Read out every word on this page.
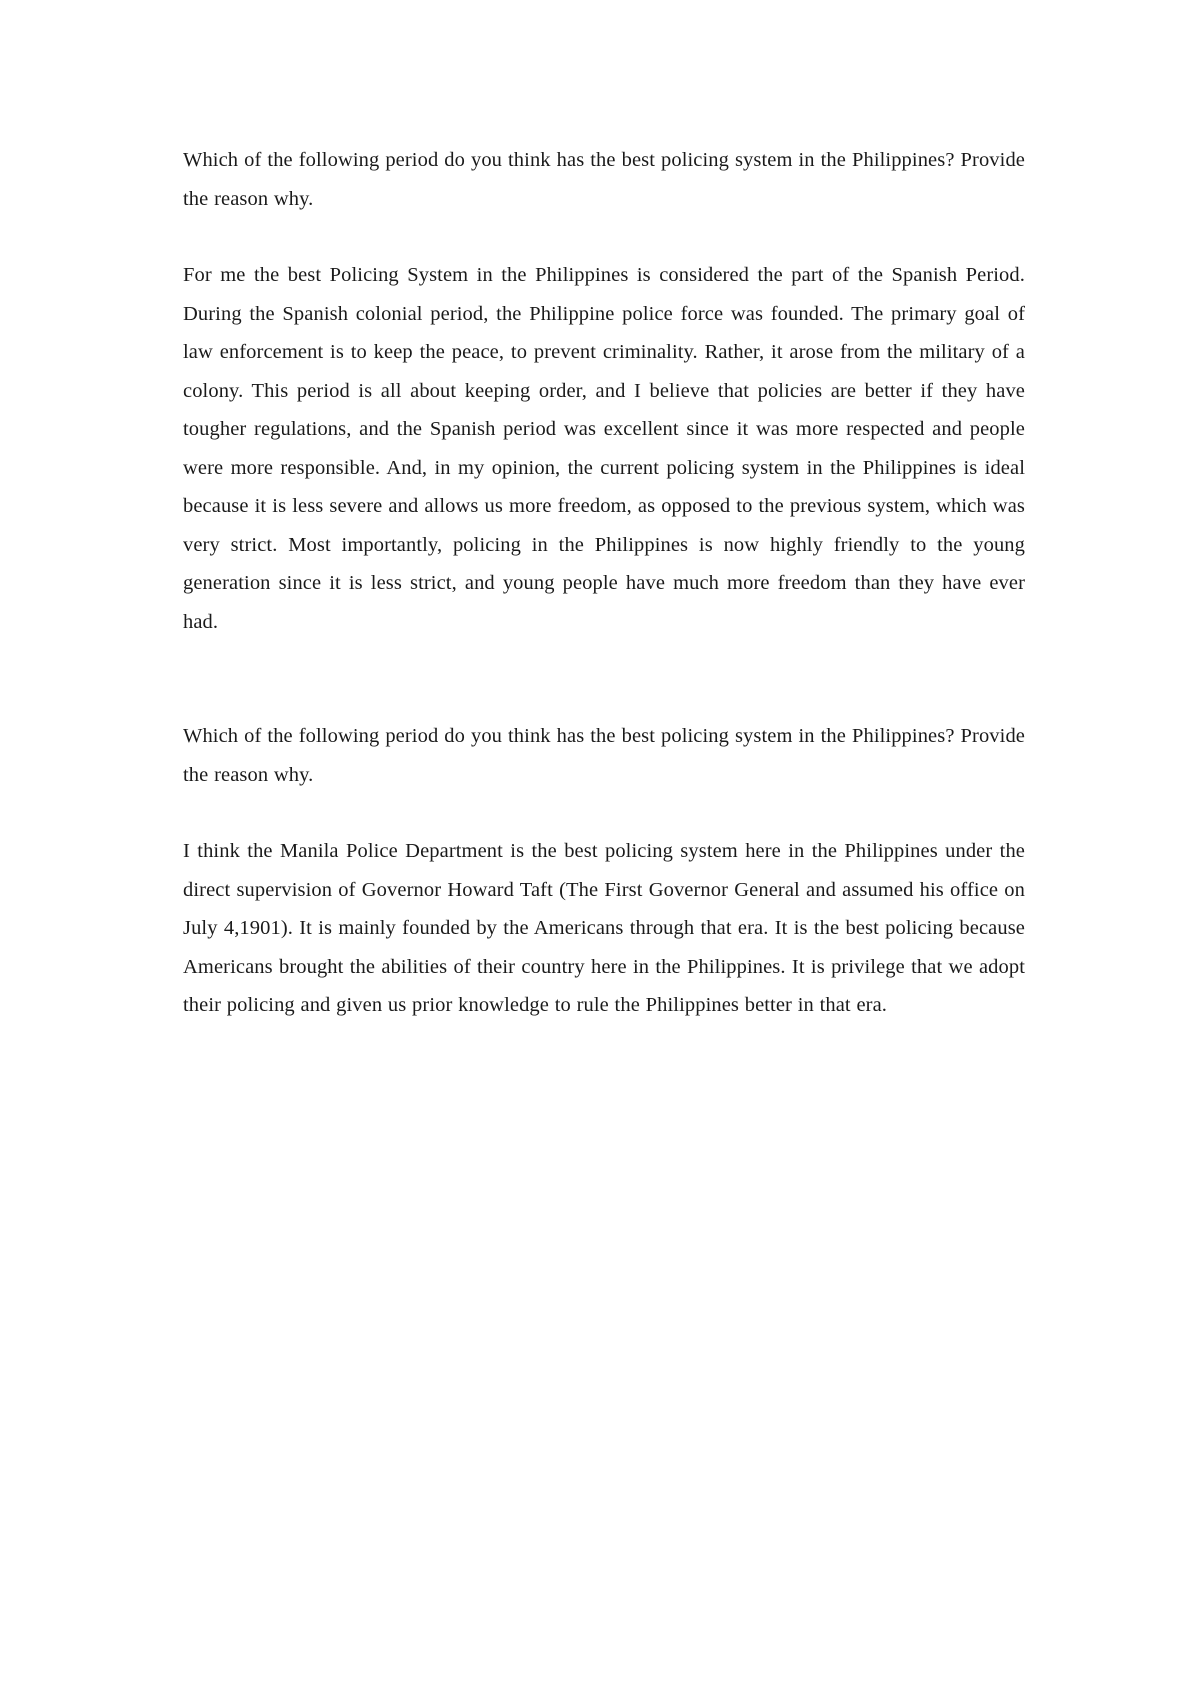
Which of the following period do you think has the best policing system in the Philippines? Provide the reason why.

For me the best Policing System in the Philippines is considered the part of the Spanish Period. During the Spanish colonial period, the Philippine police force was founded. The primary goal of law enforcement is to keep the peace, to prevent criminality. Rather, it arose from the military of a colony. This period is all about keeping order, and I believe that policies are better if they have tougher regulations, and the Spanish period was excellent since it was more respected and people were more responsible. And, in my opinion, the current policing system in the Philippines is ideal because it is less severe and allows us more freedom, as opposed to the previous system, which was very strict. Most importantly, policing in the Philippines is now highly friendly to the young generation since it is less strict, and young people have much more freedom than they have ever had.

Which of the following period do you think has the best policing system in the Philippines? Provide the reason why.

I think the Manila Police Department is the best policing system here in the Philippines under the direct supervision of Governor Howard Taft (The First Governor General and assumed his office on July 4,1901). It is mainly founded by the Americans through that era. It is the best policing because Americans brought the abilities of their country here in the Philippines. It is privilege that we adopt their policing and given us prior knowledge to rule the Philippines better in that era.
